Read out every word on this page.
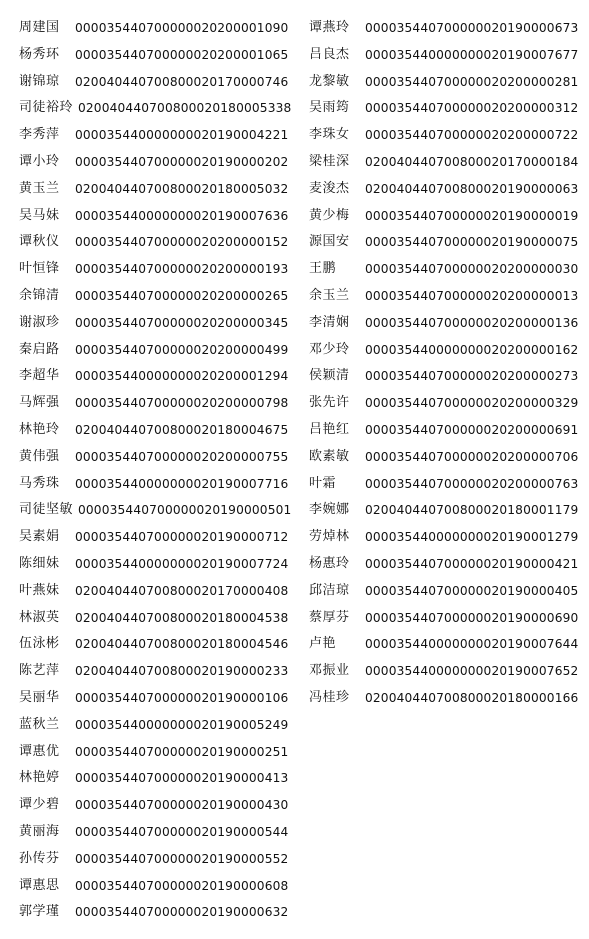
周建国 000035440700000020200001090
杨秀环 000035440700000020200001065
谢锦琼 020040440700800020170000746
司徒裕玲 020040440700800020180005338
李秀萍 000035440000000020190004221
谭小玲 000035440700000020190000202
黄玉兰 020040440700800020180005032
吴马妹 000035440000000020190007636
谭秋仪 000035440700000020200000152
叶恒锋 000035440700000020200000193
余锦清 000035440700000020200000265
谢淑珍 000035440700000020200000345
秦启路 000035440700000020200000499
李超华 000035440000000020200001294
马辉强 000035440700000020200000798
林艳玲 020040440700800020180004675
黄伟强 000035440700000020200000755
马秀珠 000035440000000020190007716
司徒坚敏 000035440700000020190000501
吴素娟 000035440700000020190000712
陈细妹 000035440000000020190007724
叶燕妹 020040440700800020170000408
林淑英 020040440700800020180004538
伍泳彬 020040440700800020180004546
陈艺萍 020040440700800020190000233
吴丽华 000035440700000020190000106
蓝秋兰 000035440000000020190005249
谭惠优 000035440700000020190000251
林艳婷 000035440700000020190000413
谭少碧 000035440700000020190000430
黄丽海 000035440700000020190000544
孙传芬 000035440700000020190000552
谭惠思 000035440700000020190000608
郭学瑾 000035440700000020190000632
谭燕玲 000035440700000020190000673
吕良杰 000035440000000020190007677
龙黎敏 000035440700000020200000281
吴雨筠 000035440700000020200000312
李珠女 000035440700000020200000722
梁桂深 020040440700800020170000184
麦浚杰 020040440700800020190000063
黄少梅 000035440700000020190000019
源国安 000035440700000020190000075
王鹏 000035440700000020200000030
余玉兰 000035440700000020200000013
李清娴 000035440700000020200000136
邓少玲 000035440000000020200000162
侯颖清 000035440700000020200000273
张先许 000035440700000020200000329
吕艳红 000035440700000020200000691
欧素敏 000035440700000020200000706
叶霜 000035440700000020200000763
李婉娜 020040440700800020180001179
劳焯林 000035440000000020190001279
杨惠玲 000035440700000020190000421
邱洁琼 000035440700000020190000405
蔡厚芬 000035440700000020190000690
卢艳 000035440000000020190007644
邓振业 000035440000000020190007652
冯桂珍 020040440700800020180000166
